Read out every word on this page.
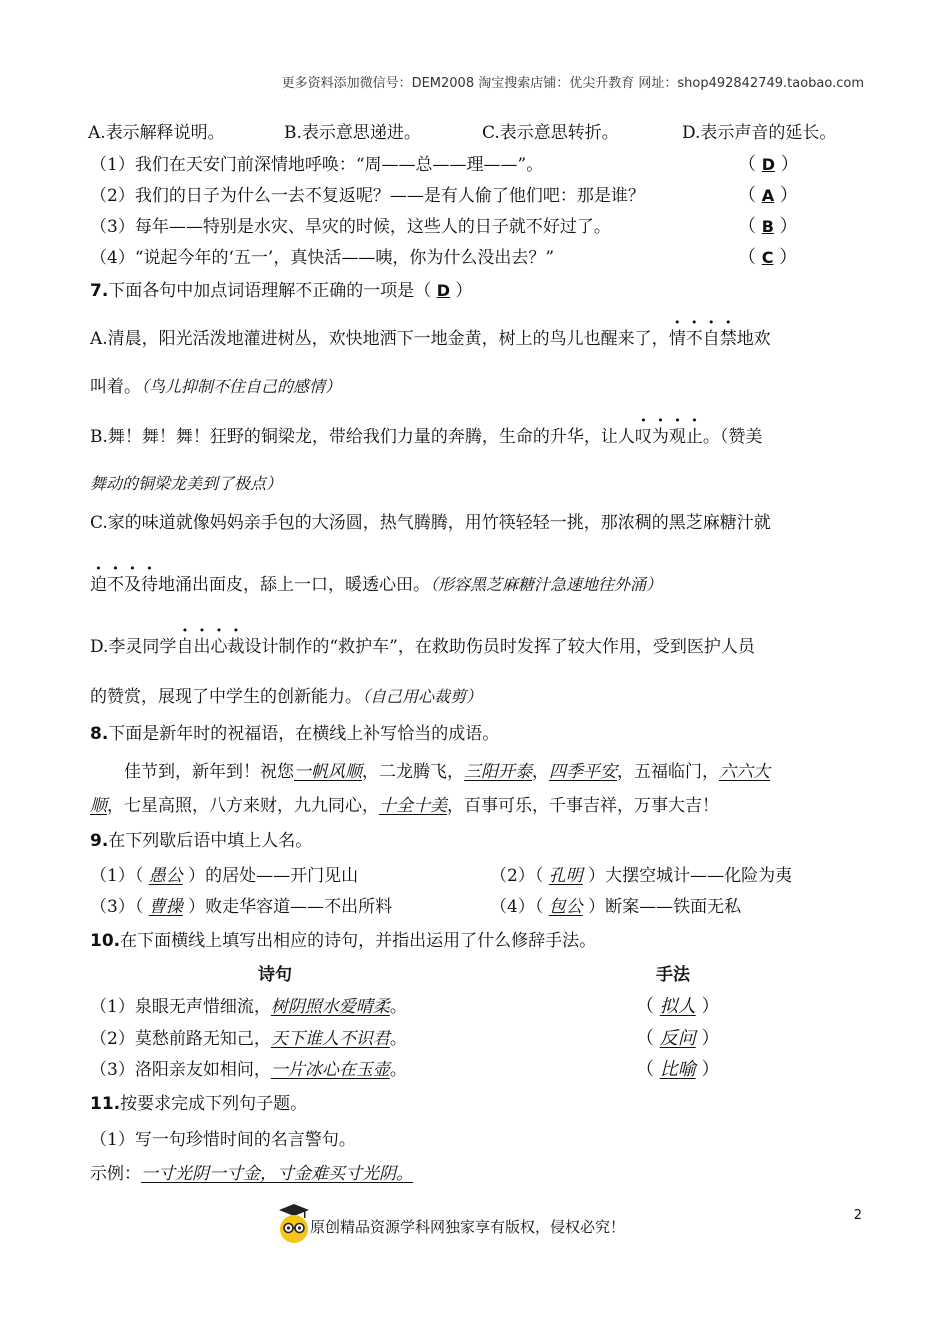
更多资料添加微信号：DEM2008 淘宝搜索店铺：优尖升教育 网址：shop492842749.taobao.com
A.表示解释说明。	B.表示意思递进。	C.表示意思转折。	D.表示声音的延长。
（1）我们在天安门前深情地呼唤：“周——总——理——”。	（ D ）
（2）我们的日子为什么一去不复返呢？——是有人偷了他们吧：那是谁？	（ A ）
（3）每年——特别是水灾、旱灾的时候，这些人的日子就不好过了。	（ B ）
（4）“说起今年的‘五一’，真快活——咦，你为什么没出去？”	（ C ）
7.下面各句中加点词语理解不正确的一项是（ D ）
A.清晨，阳光活泼地灌进树丛，欢快地洒下一地金黄，树上的鸟儿也醒来了，情不自禁地欢
叫着。（鸟儿抑制不住自己的感情）
B.舞！舞！舞！狂野的铜梁龙，带给我们力量的奔腾，生命的升华，让人叹为观止。（赞美
舞动的铜梁龙美到了极点）
C.家的味道就像妈妈亲手包的大汤圆，热气腾腾，用竹筷轻轻一挑，那浓稠的黑芝麻糖汁就
迫不及待地涌出面皮，舔上一口，暖透心田。（形容黑芝麻糖汁急速地往外涌）
D.李灵同学自出心裁设计制作的“救护车”，在救助伤员时发挥了较大作用，受到医护人员
的赞赏，展现了中学生的创新能力。（自己用心裁剪）
8.下面是新年时的祝福语，在横线上补写恰当的成语。
佳节到，新年到！祝您一帆风顺，二龙腾飞，三阳开泰，四季平安，五福临门，六六大
顺，七星高照，八方来财，九九同心，十全十美，百事可乐，千事吉祥，万事大吉！
9.在下列歇后语中填上人名。
（1）（ 愚公 ）的居处——开门见山	（2）（ 孔明 ）大摆空城计——化险为夷
（3）（ 曹操 ）败走华容道——不出所料	（4）（ 包公 ）断案——铁面无私
10.在下面横线上填写出相应的诗句，并指出运用了什么修辞手法。
诗句	手法
（1）泉眼无声惜细流，树阴照水爱晴柔。	（ 拟人 ）
（2）莫愁前路无知己，天下谁人不识君。	（ 反问 ）
（3）洛阳亲友如相问，一片冰心在玉壶。	（ 比喻 ）
11.按要求完成下列句子题。
（1）写一句珍惜时间的名言警句。
示例：一寸光阴一寸金，寸金难买寸光阴。
2
原创精品资源学科网独家享有版权，侵权必究！
